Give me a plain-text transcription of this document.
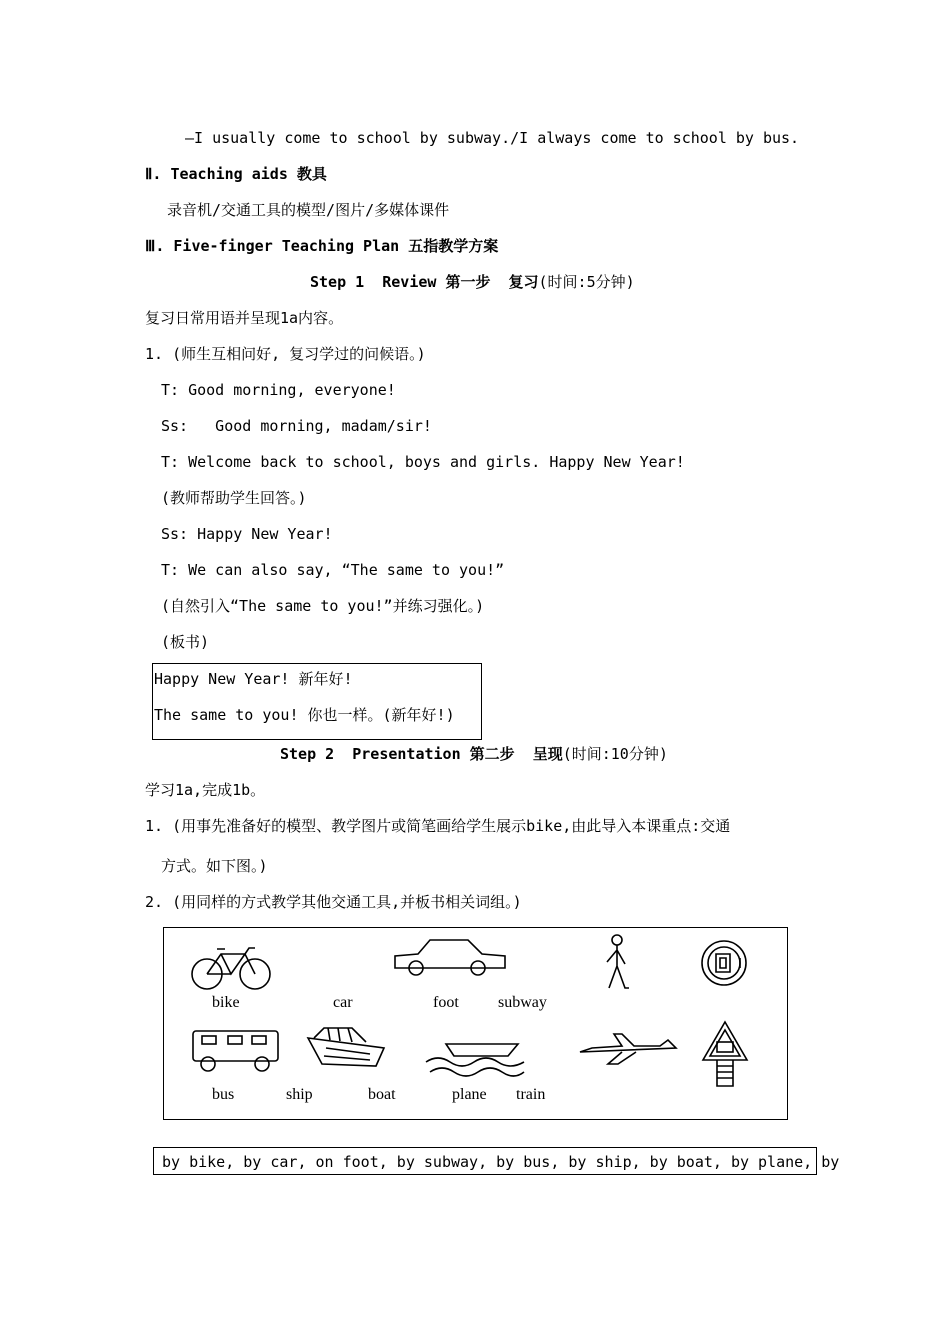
—I usually come to school by subway./I always come to school by bus.
Ⅱ. Teaching aids 教具
录音机/交通工具的模型/图片/多媒体课件
Ⅲ. Five-finger Teaching Plan 五指教学方案
Step 1  Review 第一步  复习(时间:5分钟)
复习日常用语并呈现1a内容。
1. (师生互相问好, 复习学过的问候语。)
T: Good morning, everyone!
Ss:   Good morning, madam/sir!
T: Welcome back to school, boys and girls. Happy New Year!
(教师帮助学生回答。)
Ss: Happy New Year!
T: We can also say, “The same to you!”
(自然引入“The same to you!”并练习强化。)
(板书)
Happy New Year! 新年好!
The same to you! 你也一样。(新年好!)
Step 2  Presentation 第二步  呈现(时间:10分钟)
学习1a,完成1b。
1. (用事先准备好的模型、教学图片或简笔画给学生展示bike,由此导入本课重点:交通
方式。如下图。)
2. (用同样的方式教学其他交通工具,并板书相关词组。)
bike	car	foot subway
bus	ship	boat	plane train
by bike, by car, on foot, by subway, by bus, by ship, by boat, by plane, by
